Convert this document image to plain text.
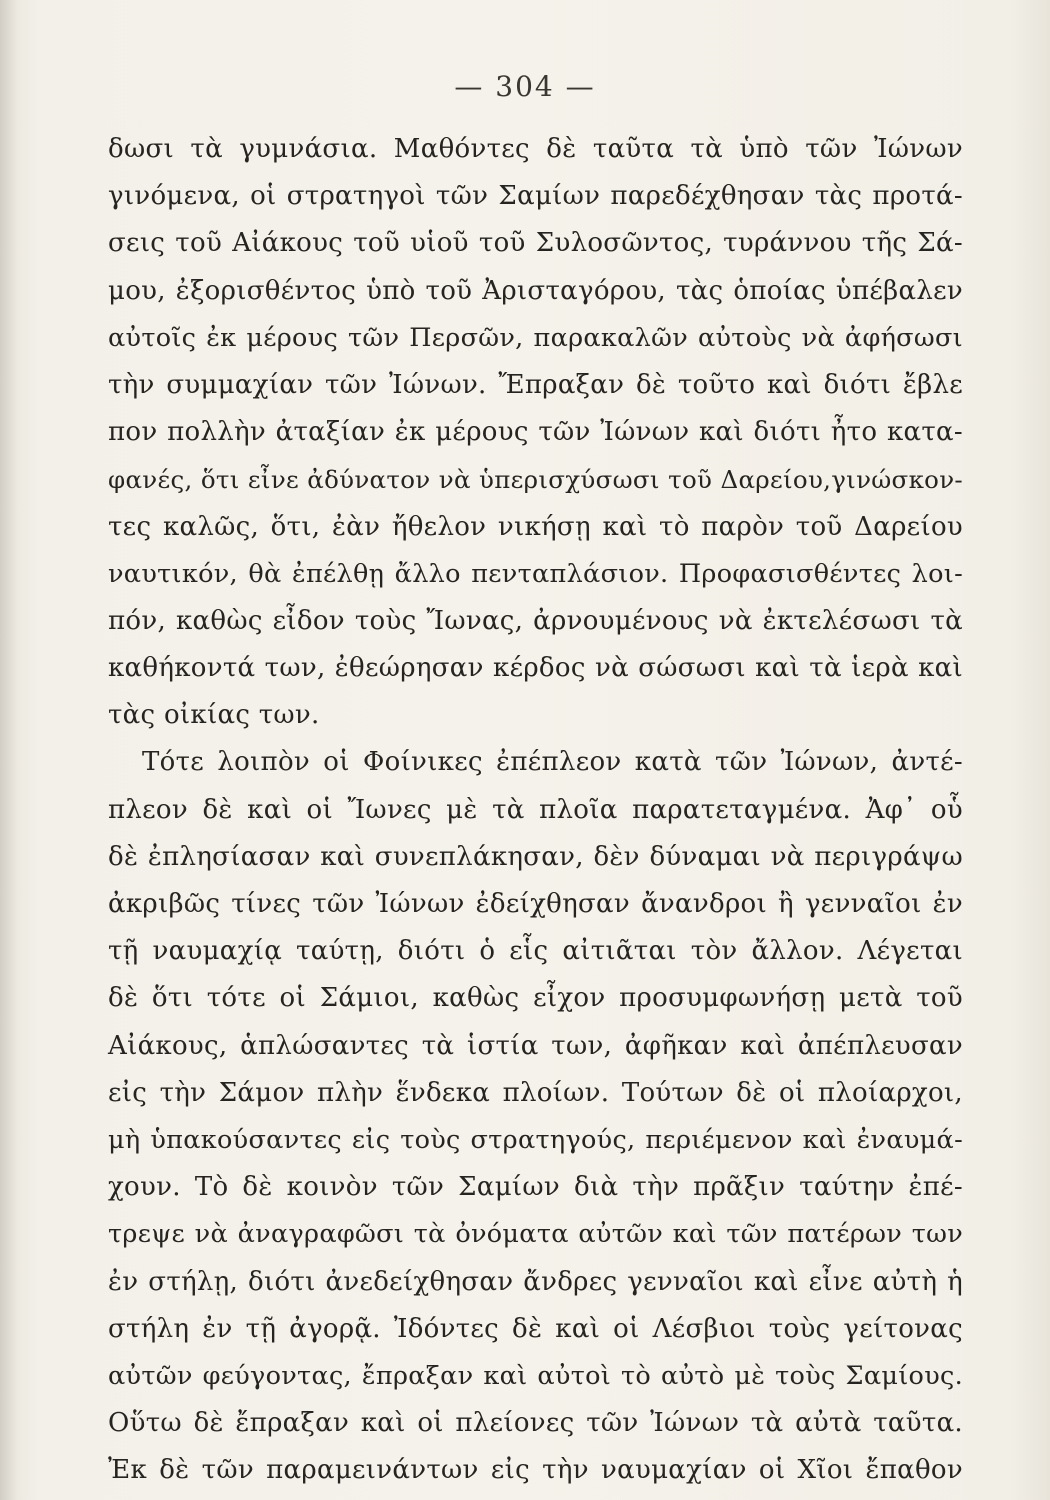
— 304 —
δωσι τὰ γυμνάσια. Μαθόντες δὲ ταῦτα τὰ ὑπὸ τῶν Ἰώνων
γινόμενα, οἱ στρατηγοὶ τῶν Σαμίων παρεδέχθησαν τὰς προτά-
σεις τοῦ Αἰάκους τοῦ υἱοῦ τοῦ Συλοσῶντος, τυράννου τῆς Σά-
μου, ἐξορισθέντος ὑπὸ τοῦ Ἀρισταγόρου, τὰς ὁποίας ὑπέβαλεν
αὐτοῖς ἐκ μέρους τῶν Περσῶν, παρακαλῶν αὐτοὺς νὰ ἀφήσωσι
τὴν συμμαχίαν τῶν Ἰώνων. Ἔπραξαν δὲ τοῦτο καὶ διότι ἔβλε
πον πολλὴν ἀταξίαν ἐκ μέρους τῶν Ἰώνων καὶ διότι ἦτο κατα-
φανές, ὅτι εἶνε ἀδύνατον νὰ ὑπερισχύσωσι τοῦ Δαρείου,γινώσκον-
τες καλῶς, ὅτι, ἐὰν ἤθελον νικήσῃ καὶ τὸ παρὸν τοῦ Δαρείου
ναυτικόν, θὰ ἐπέλθῃ ἄλλο πενταπλάσιον. Προφασισθέντες λοι-
πόν, καθὼς εἶδον τοὺς Ἴωνας, ἀρνουμένους νὰ ἐκτελέσωσι τὰ
καθήκοντά των, ἐθεώρησαν κέρδος νὰ σώσωσι καὶ τὰ ἱερὰ καὶ
τὰς οἰκίας των.
Τότε λοιπὸν οἱ Φοίνικες ἐπέπλεον κατὰ τῶν Ἰώνων, ἀντέ-
πλεον δὲ καὶ οἱ Ἴωνες μὲ τὰ πλοῖα παρατεταγμένα. Ἀφ᾽ οὗ
δὲ ἐπλησίασαν καὶ συνεπλάκησαν, δὲν δύναμαι νὰ περιγράψω
ἀκριβῶς τίνες τῶν Ἰώνων ἐδείχθησαν ἄνανδροι ἢ γενναῖοι ἐν
τῇ ναυμαχίᾳ ταύτῃ, διότι ὁ εἷς αἰτιᾶται τὸν ἄλλον. Λέγεται
δὲ ὅτι τότε οἱ Σάμιοι, καθὼς εἶχον προσυμφωνήσῃ μετὰ τοῦ
Αἰάκους, ἁπλώσαντες τὰ ἱστία των, ἀφῆκαν καὶ ἀπέπλευσαν
εἰς τὴν Σάμον πλὴν ἕνδεκα πλοίων. Τούτων δὲ οἱ πλοίαρχοι,
μὴ ὑπακούσαντες εἰς τοὺς στρατηγούς, περιέμενον καὶ ἐναυμά-
χουν. Τὸ δὲ κοινὸν τῶν Σαμίων διὰ τὴν πρᾶξιν ταύτην ἐπέ-
τρεψε νὰ ἀναγραφῶσι τὰ ὀνόματα αὐτῶν καὶ τῶν πατέρων των
ἐν στήλῃ, διότι ἀνεδείχθησαν ἄνδρες γενναῖοι καὶ εἶνε αὐτὴ ἡ
στήλη ἐν τῇ ἀγορᾷ. Ἰδόντες δὲ καὶ οἱ Λέσβιοι τοὺς γείτονας
αὐτῶν φεύγοντας, ἔπραξαν καὶ αὐτοὶ τὸ αὐτὸ μὲ τοὺς Σαμίους.
Οὕτω δὲ ἔπραξαν καὶ οἱ πλείονες τῶν Ἰώνων τὰ αὐτὰ ταῦτα.
Ἐκ δὲ τῶν παραμεινάντων εἰς τὴν ναυμαχίαν οἱ Χῖοι ἔπαθον
